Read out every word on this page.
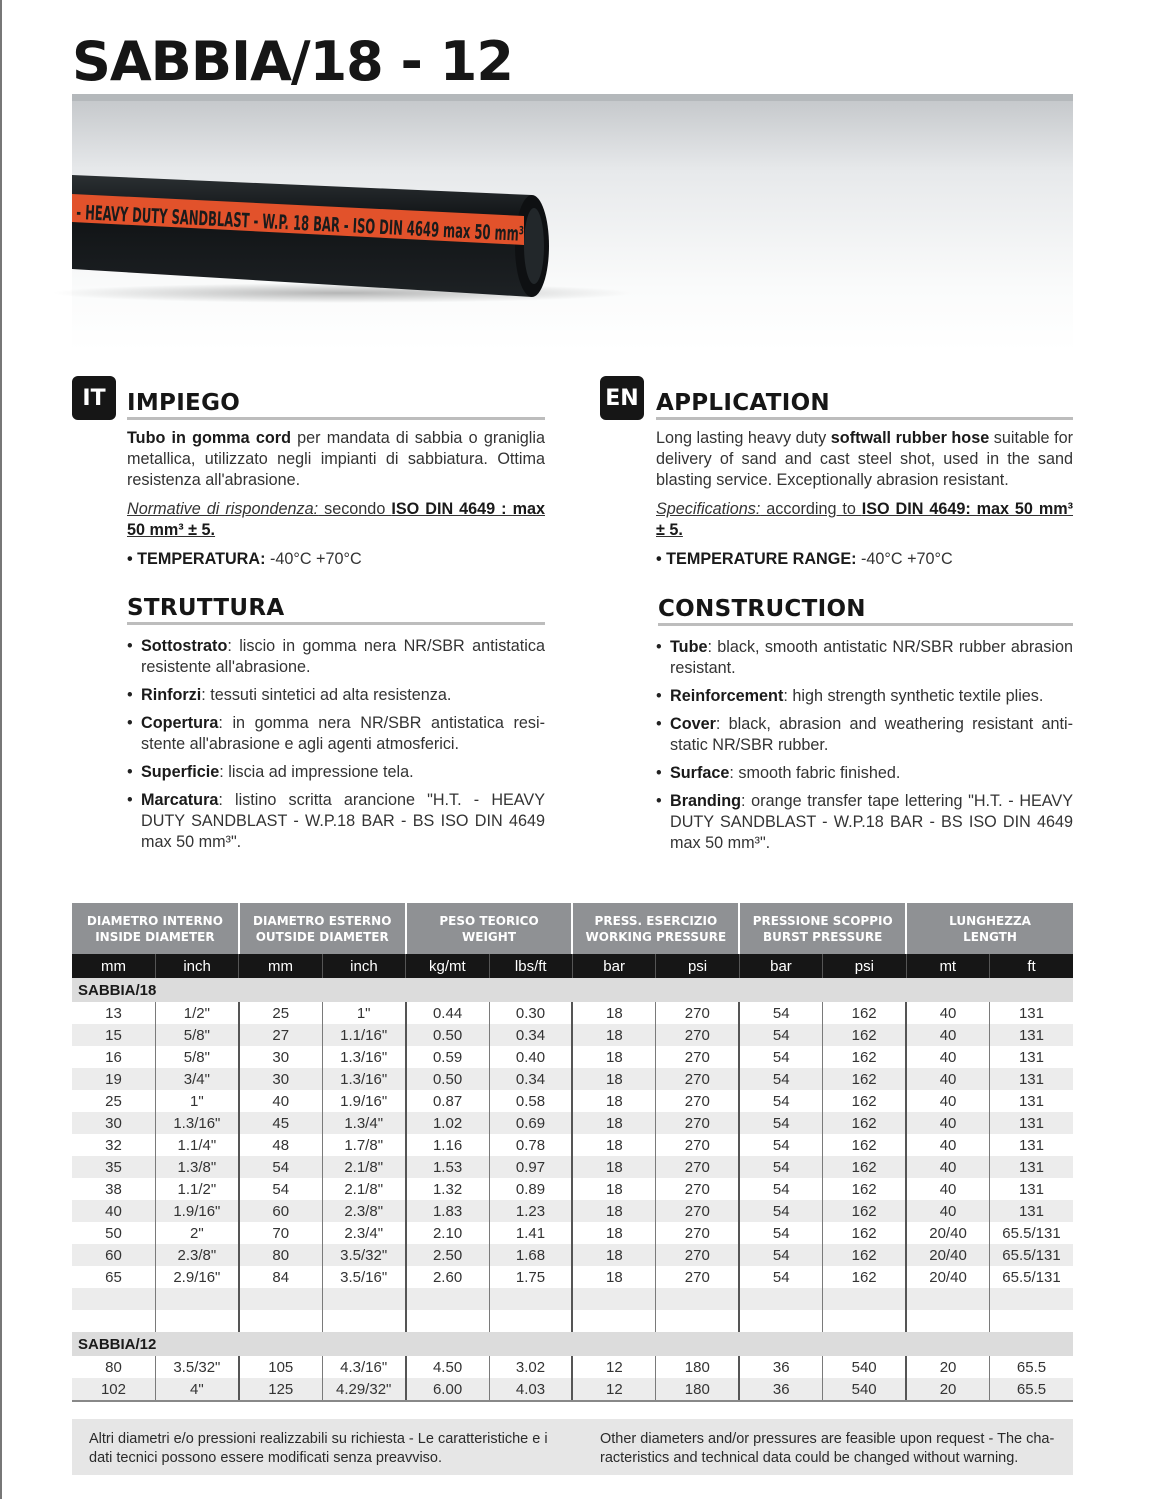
SABBIA/18 - 12
- HEAVY DUTY SANDBLAST - W.P. 18 BAR - ISO DIN 4649 max 50 mm³
IT IMPIEGO
Tubo in gomma cord per mandata di sabbia o graniglia metallica, utilizzato negli impianti di sabbiatura. Ottima resistenza all'abrasione.
Normative di rispondenza: secondo ISO DIN 4649 : max 50 mm³ ± 5.
• TEMPERATURA: -40°C +70°C
STRUTTURA
• Sottostrato: liscio in gomma nera NR/SBR antistatica resistente all'abrasione.
• Rinforzi: tessuti sintetici ad alta resistenza.
• Copertura: in gomma nera NR/SBR antistatica resi-stente all'abrasione e agli agenti atmosferici.
• Superficie: liscia ad impressione tela.
• Marcatura: listino scritta arancione "H.T. - HEAVY DUTY SANDBLAST - W.P.18 BAR - BS ISO DIN 4649 max 50 mm³".
EN APPLICATION
Long lasting heavy duty softwall rubber hose suitable for delivery of sand and cast steel shot, used in the sand blasting service. Exceptionally abrasion resistant.
Specifications: according to ISO DIN 4649: max 50 mm³ ± 5.
• TEMPERATURE RANGE: -40°C +70°C
CONSTRUCTION
• Tube: black, smooth antistatic NR/SBR rubber abrasion resistant.
• Reinforcement: high strength synthetic textile plies.
• Cover: black, abrasion and weathering resistant anti-static NR/SBR rubber.
• Surface: smooth fabric finished.
• Branding: orange transfer tape lettering "H.T. - HEAVY DUTY SANDBLAST - W.P.18 BAR - BS ISO DIN 4649 max 50 mm³".
DIAMETRO INTERNO
INSIDE DIAMETER		DIAMETRO ESTERNO
OUTSIDE DIAMETER		PESO TEORICO
WEIGHT		PRESS. ESERCIZIO
WORKING PRESSURE		PRESSIONE SCOPPIO
BURST PRESSURE		LUNGHEZZA
LENGTH	
mm	inch	mm	inch	kg/mt	lbs/ft	bar	psi	bar	psi	mt	ft
SABBIA/18											
13	1/2"	25	1"	0.44	0.30	18	270	54	162	40	131
15	5/8"	27	1.1/16"	0.50	0.34	18	270	54	162	40	131
16	5/8"	30	1.3/16"	0.59	0.40	18	270	54	162	40	131
19	3/4"	30	1.3/16"	0.50	0.34	18	270	54	162	40	131
25	1"	40	1.9/16"	0.87	0.58	18	270	54	162	40	131
30	1.3/16"	45	1.3/4"	1.02	0.69	18	270	54	162	40	131
32	1.1/4"	48	1.7/8"	1.16	0.78	18	270	54	162	40	131
35	1.3/8"	54	2.1/8"	1.53	0.97	18	270	54	162	40	131
38	1.1/2"	54	2.1/8"	1.32	0.89	18	270	54	162	40	131
40	1.9/16"	60	2.3/8"	1.83	1.23	18	270	54	162	40	131
50	2"	70	2.3/4"	2.10	1.41	18	270	54	162	20/40	65.5/131
60	2.3/8"	80	3.5/32"	2.50	1.68	18	270	54	162	20/40	65.5/131
65	2.9/16"	84	3.5/16"	2.60	1.75	18	270	54	162	20/40	65.5/131

SABBIA/12											
80	3.5/32"	105	4.3/16"	4.50	3.02	12	180	36	540	20	65.5
102	4"	125	4.29/32"	6.00	4.03	12	180	36	540	20	65.5
Altri diametri e/o pressioni realizzabili su richiesta - Le caratteristiche e i dati tecnici possono essere modificati senza preavviso.
Other diameters and/or pressures are feasible upon request - The cha-racteristics and technical data could be changed without warning.
